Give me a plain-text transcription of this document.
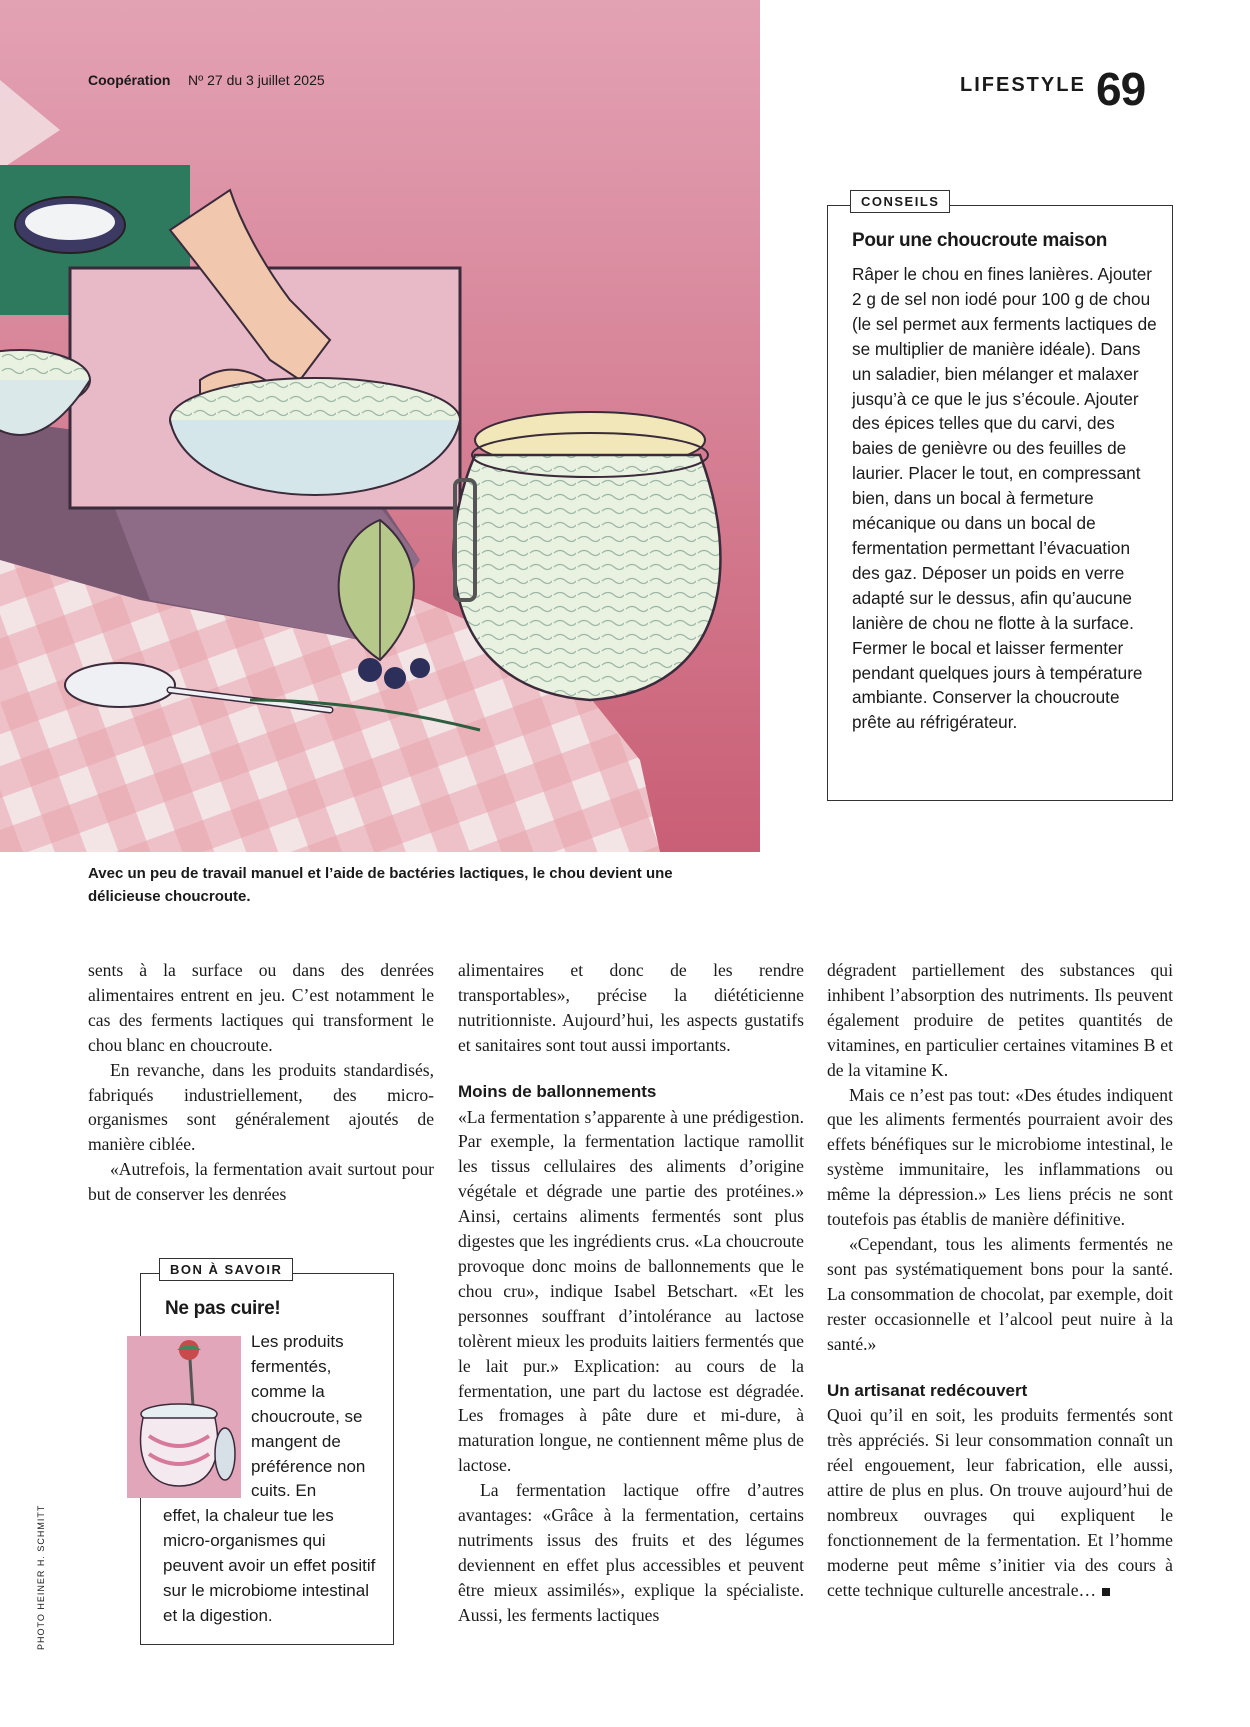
Coopération Nº 27 du 3 juillet 2025	LIFESTYLE 69
CONSEILS
Pour une choucroute maison
Râper le chou en fines lanières. Ajouter 2 g de sel non iodé pour 100 g de chou (le sel permet aux ferments lactiques de se multiplier de manière idéale). Dans un saladier, bien mélanger et malaxer jusqu’à ce que le jus s’écoule. Ajouter des épices telles que du carvi, des baies de genièvre ou des feuilles de laurier. Placer le tout, en compressant bien, dans un bocal à fermeture mécanique ou dans un bocal de fermentation permettant l’évacuation des gaz. Déposer un poids en verre adapté sur le dessus, afin qu’aucune lanière de chou ne flotte à la surface. Fermer le bocal et laisser fermenter pendant quelques jours à température ambiante. Conserver la choucroute prête au réfrigérateur.
Avec un peu de travail manuel et l’aide de bactéries lactiques, le chou devient une délicieuse choucroute.

sents à la surface ou dans des denrées alimentaires entrent en jeu. C’est notamment le cas des ferments lactiques qui transforment le chou blanc en choucroute.

En revanche, dans les produits standardisés, fabriqués industriellement, des micro-organismes sont généralement ajoutés de manière ciblée.

«Autrefois, la fermentation avait surtout pour but de conserver les denrées

BON À SAVOIR
Ne pas cuire!
Les produits fermentés, comme la choucroute, se mangent de préférence non cuits. En
effet, la chaleur tue les micro-organismes qui peuvent avoir un effet positif sur le microbiome intestinal et la digestion.

alimentaires et donc de les rendre transportables», précise la diététicienne nutritionniste. Aujourd’hui, les aspects gustatifs et sanitaires sont tout aussi importants.

Moins de ballonnements

«La fermentation s’apparente à une prédigestion. Par exemple, la fermentation lactique ramollit les tissus cellulaires des aliments d’origine végétale et dégrade une partie des protéines.» Ainsi, certains aliments fermentés sont plus digestes que les ingrédients crus. «La choucroute provoque donc moins de ballonnements que le chou cru», indique Isabel Betschart. «Et les personnes souffrant d’intolérance au lactose tolèrent mieux les produits laitiers fermentés que le lait pur.» Explication: au cours de la fermentation, une part du lactose est dégradée. Les fromages à pâte dure et mi-dure, à maturation longue, ne contiennent même plus de lactose.

La fermentation lactique offre d’autres avantages: «Grâce à la fermentation, certains nutriments issus des fruits et des légumes deviennent en effet plus accessibles et peuvent être mieux assimilés», explique la spécialiste. Aussi, les ferments lactiques

dégradent partiellement des substances qui inhibent l’absorption des nutriments. Ils peuvent également produire de petites quantités de vitamines, en particulier certaines vitamines B et de la vitamine K.

Mais ce n’est pas tout: «Des études indiquent que les aliments fermentés pourraient avoir des effets bénéfiques sur le microbiome intestinal, le système immunitaire, les inflammations ou même la dépression.» Les liens précis ne sont toutefois pas établis de manière définitive.

«Cependant, tous les aliments fermentés ne sont pas systématiquement bons pour la santé. La consommation de chocolat, par exemple, doit rester occasionnelle et l’alcool peut nuire à la santé.»

Un artisanat redécouvert

Quoi qu’il en soit, les produits fermentés sont très appréciés. Si leur consommation connaît un réel engouement, leur fabrication, elle aussi, attire de plus en plus. On trouve aujourd’hui de nombreux ouvrages qui expliquent le fonctionnement de la fermentation. Et l’homme moderne peut même s’initier via des cours à cette technique culturelle ancestrale…

PHOTO HEINER H. SCHMITT
